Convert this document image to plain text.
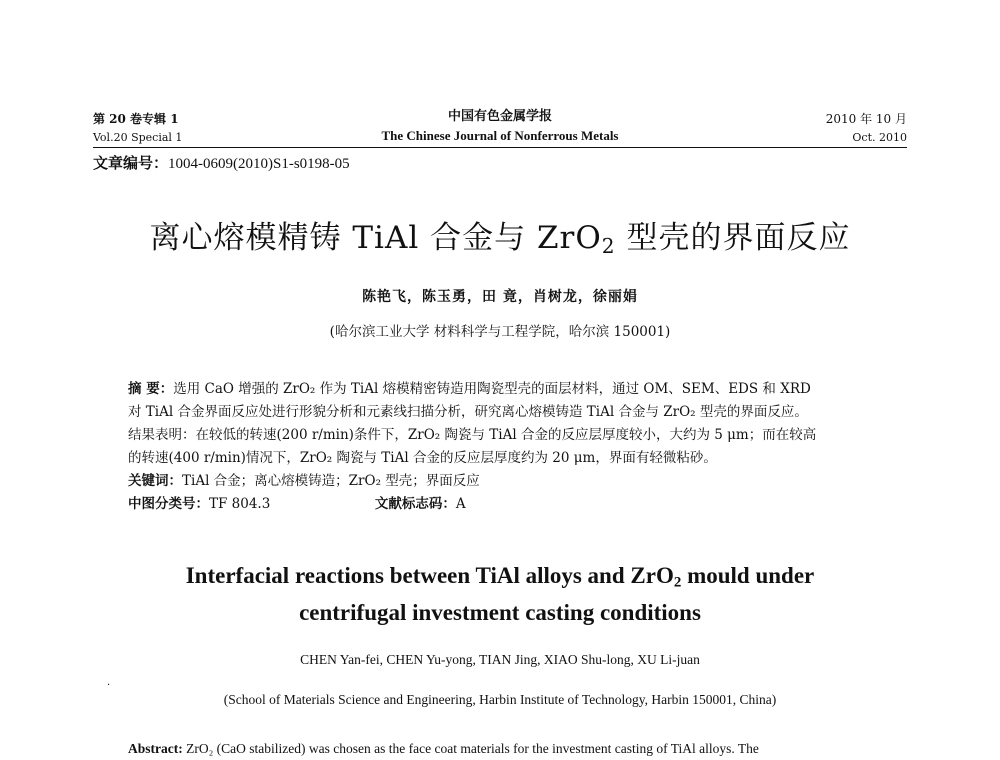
第 20 卷专辑 1
Vol.20 Special 1
中国有色金属学报
The Chinese Journal of Nonferrous Metals
2010 年 10 月
Oct. 2010
文章编号：1004-0609(2010)S1-s0198-05
离心熔模精铸 TiAl 合金与 ZrO$_2$ 型壳的界面反应
陈艳飞，陈玉勇，田 竟，肖树龙，徐丽娟
(哈尔滨工业大学 材料科学与工程学院，哈尔滨 150001)
摘 要：选用 CaO 增强的 ZrO₂ 作为 TiAl 熔模精密铸造用陶瓷型壳的面层材料，通过 OM、SEM、EDS 和 XRD
对 TiAl 合金界面反应处进行形貌分析和元素线扫描分析，研究离心熔模铸造 TiAl 合金与 ZrO₂ 型壳的界面反应。
结果表明：在较低的转速(200 r/min)条件下，ZrO₂ 陶瓷与 TiAl 合金的反应层厚度较小，大约为 5 μm；而在较高
的转速(400 r/min)情况下，ZrO₂ 陶瓷与 TiAl 合金的反应层厚度约为 20 μm，界面有轻微粘砂。
关键词：TiAl 合金；离心熔模铸造；ZrO₂ 型壳；界面反应
中图分类号：TF 804.3	文献标志码：A
Interfacial reactions between TiAl alloys and ZrO$_2$ mould under
centrifugal investment casting conditions
CHEN Yan-fei, CHEN Yu-yong, TIAN Jing, XIAO Shu-long, XU Li-juan
·
(School of Materials Science and Engineering, Harbin Institute of Technology, Harbin 150001, China)
Abstract: ZrO₂ (CaO stabilized) was chosen as the face coat materials for the investment casting of TiAl alloys. The
